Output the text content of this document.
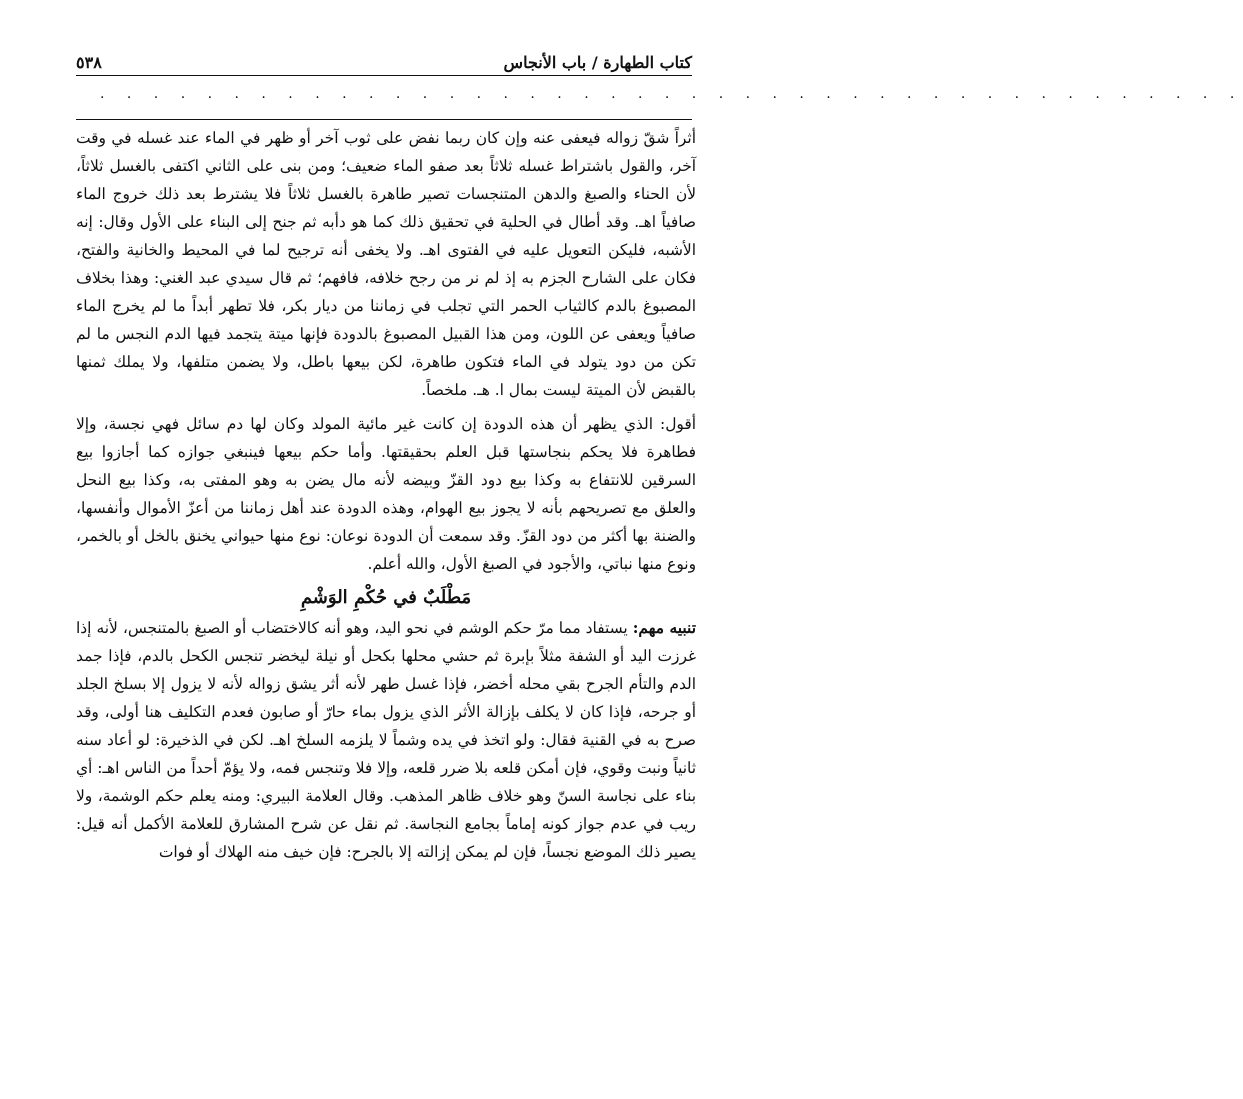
كتاب الطهارة / باب الأنجاس
٥٣٨
. . . . . . . . . . . . . . . . . . . . . . . . . . . . . . . . . . . . . . . . . . .

أثراً شقّ زواله فيعفى عنه وإن كان ربما نفض على ثوب آخر أو ظهر في الماء عند غسله في وقت آخر، والقول باشتراط غسله ثلاثاً بعد صفو الماء ضعيف؛ ومن بنى على الثاني اكتفى بالغسل ثلاثاً، لأن الحناء والصبغ والدهن المتنجسات تصير طاهرة بالغسل ثلاثاً فلا يشترط بعد ذلك خروج الماء صافياً اهـ. وقد أطال في الحلية في تحقيق ذلك كما هو دأبه ثم جنح إلى البناء على الأول وقال: إنه الأشبه، فليكن التعويل عليه في الفتوى اهـ. ولا يخفى أنه ترجيح لما في المحيط والخانية والفتح، فكان على الشارح الجزم به إذ لم نر من رجح خلافه، فافهم؛ ثم قال سيدي عبد الغني: وهذا بخلاف المصبوغ بالدم كالثياب الحمر التي تجلب في زماننا من ديار بكر، فلا تطهر أبداً ما لم يخرج الماء صافياً ويعفى عن اللون، ومن هذا القبيل المصبوغ بالدودة فإنها ميتة يتجمد فيها الدم النجس ما لم تكن من دود يتولد في الماء فتكون طاهرة، لكن بيعها باطل، ولا يضمن متلفها، ولا يملك ثمنها بالقبض لأن الميتة ليست بمال ا. هـ. ملخصاً.

أقول: الذي يظهر أن هذه الدودة إن كانت غير مائية المولد وكان لها دم سائل فهي نجسة، وإلا فطاهرة فلا يحكم بنجاستها قبل العلم بحقيقتها. وأما حكم بيعها فينبغي جوازه كما أجازوا بيع السرقين للانتفاع به وكذا بيع دود القزّ وبيضه لأنه مال يضن به وهو المفتى به، وكذا بيع النحل والعلق مع تصريحهم بأنه لا يجوز بيع الهوام، وهذه الدودة عند أهل زماننا من أعزّ الأموال وأنفسها، والضنة بها أكثر من دود القزّ. وقد سمعت أن الدودة نوعان: نوع منها حيواني يخنق بالخل أو بالخمر، ونوع منها نباتي، والأجود في الصبغ الأول، والله أعلم.

مَطْلَبٌ في حُكْمِ الوَشْمِ

تنبيه مهم: يستفاد مما مرّ حكم الوشم في نحو اليد، وهو أنه كالاختضاب أو الصبغ بالمتنجس، لأنه إذا غرزت اليد أو الشفة مثلاً بإبرة ثم حشي محلها بكحل أو نيلة ليخضر تنجس الكحل بالدم، فإذا جمد الدم والتأم الجرح بقي محله أخضر، فإذا غسل طهر لأنه أثر يشق زواله لأنه لا يزول إلا بسلخ الجلد أو جرحه، فإذا كان لا يكلف بإزالة الأثر الذي يزول بماء حارّ أو صابون فعدم التكليف هنا أولى، وقد صرح به في القنية فقال: ولو اتخذ في يده وشماً لا يلزمه السلخ اهـ. لكن في الذخيرة: لو أعاد سنه ثانياً ونبت وقوي، فإن أمكن قلعه بلا ضرر قلعه، وإلا فلا وتنجس فمه، ولا يؤمّ أحداً من الناس اهـ: أي بناء على نجاسة السنّ وهو خلاف ظاهر المذهب. وقال العلامة البيري: ومنه يعلم حكم الوشمة، ولا ريب في عدم جواز كونه إماماً بجامع النجاسة. ثم نقل عن شرح المشارق للعلامة الأكمل أنه قيل: يصير ذلك الموضع نجساً، فإن لم يمكن إزالته إلا بالجرح: فإن خيف منه الهلاك أو فوات
